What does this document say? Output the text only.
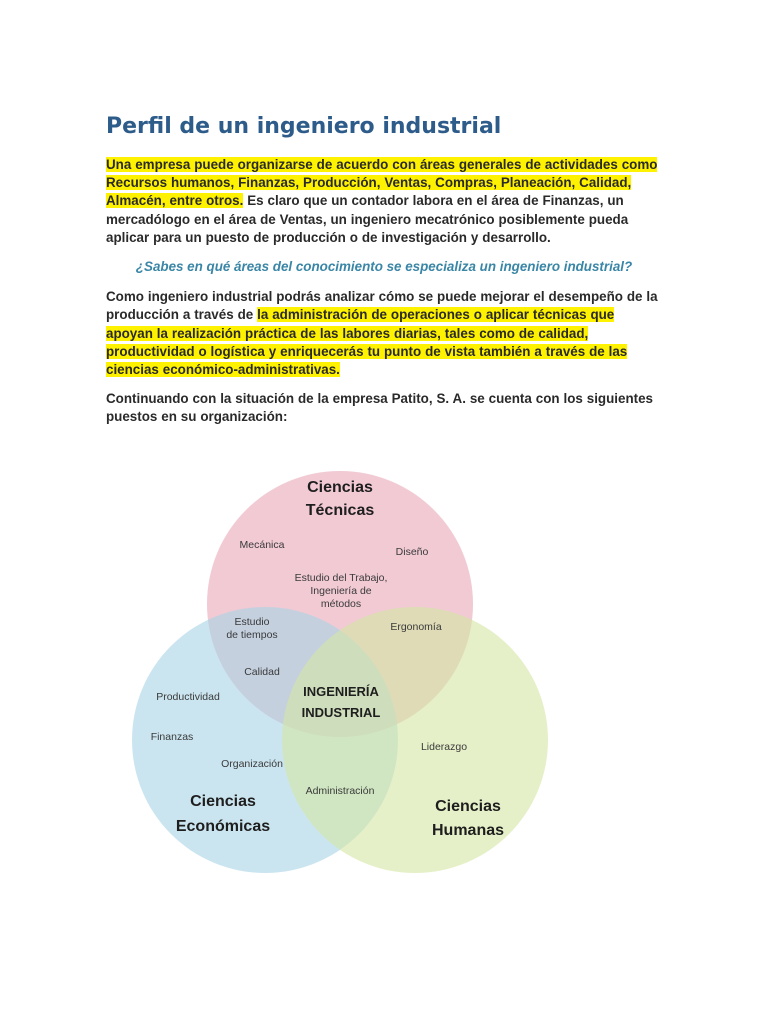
Perfil de un ingeniero industrial

Una empresa puede organizarse de acuerdo con áreas generales de actividades como Recursos humanos, Finanzas, Producción, Ventas, Compras, Planeación, Calidad, Almacén, entre otros. Es claro que un contador labora en el área de Finanzas, un mercadólogo en el área de Ventas, un ingeniero mecatrónico posiblemente pueda aplicar para un puesto de producción o de investigación y desarrollo.

¿Sabes en qué áreas del conocimiento se especializa un ingeniero industrial?

Como ingeniero industrial podrás analizar cómo se puede mejorar el desempeño de la producción a través de la administración de operaciones o aplicar técnicas que apoyan la realización práctica de las labores diarias, tales como de calidad, productividad o logística y enriquecerás tu punto de vista también a través de las ciencias económico-administrativas.

Continuando con la situación de la empresa Patito, S. A. se cuenta con los siguientes puestos en su organización:

Ciencias
Técnicas
Mecánica
Diseño
Estudio del Trabajo,
Ingeniería de
métodos
Estudio
de tiempos
Ergonomía
Calidad
INGENIERÍA
INDUSTRIAL
Productividad
Finanzas
Organización
Liderazgo
Administración
Ciencias
Económicas
Ciencias
Humanas
